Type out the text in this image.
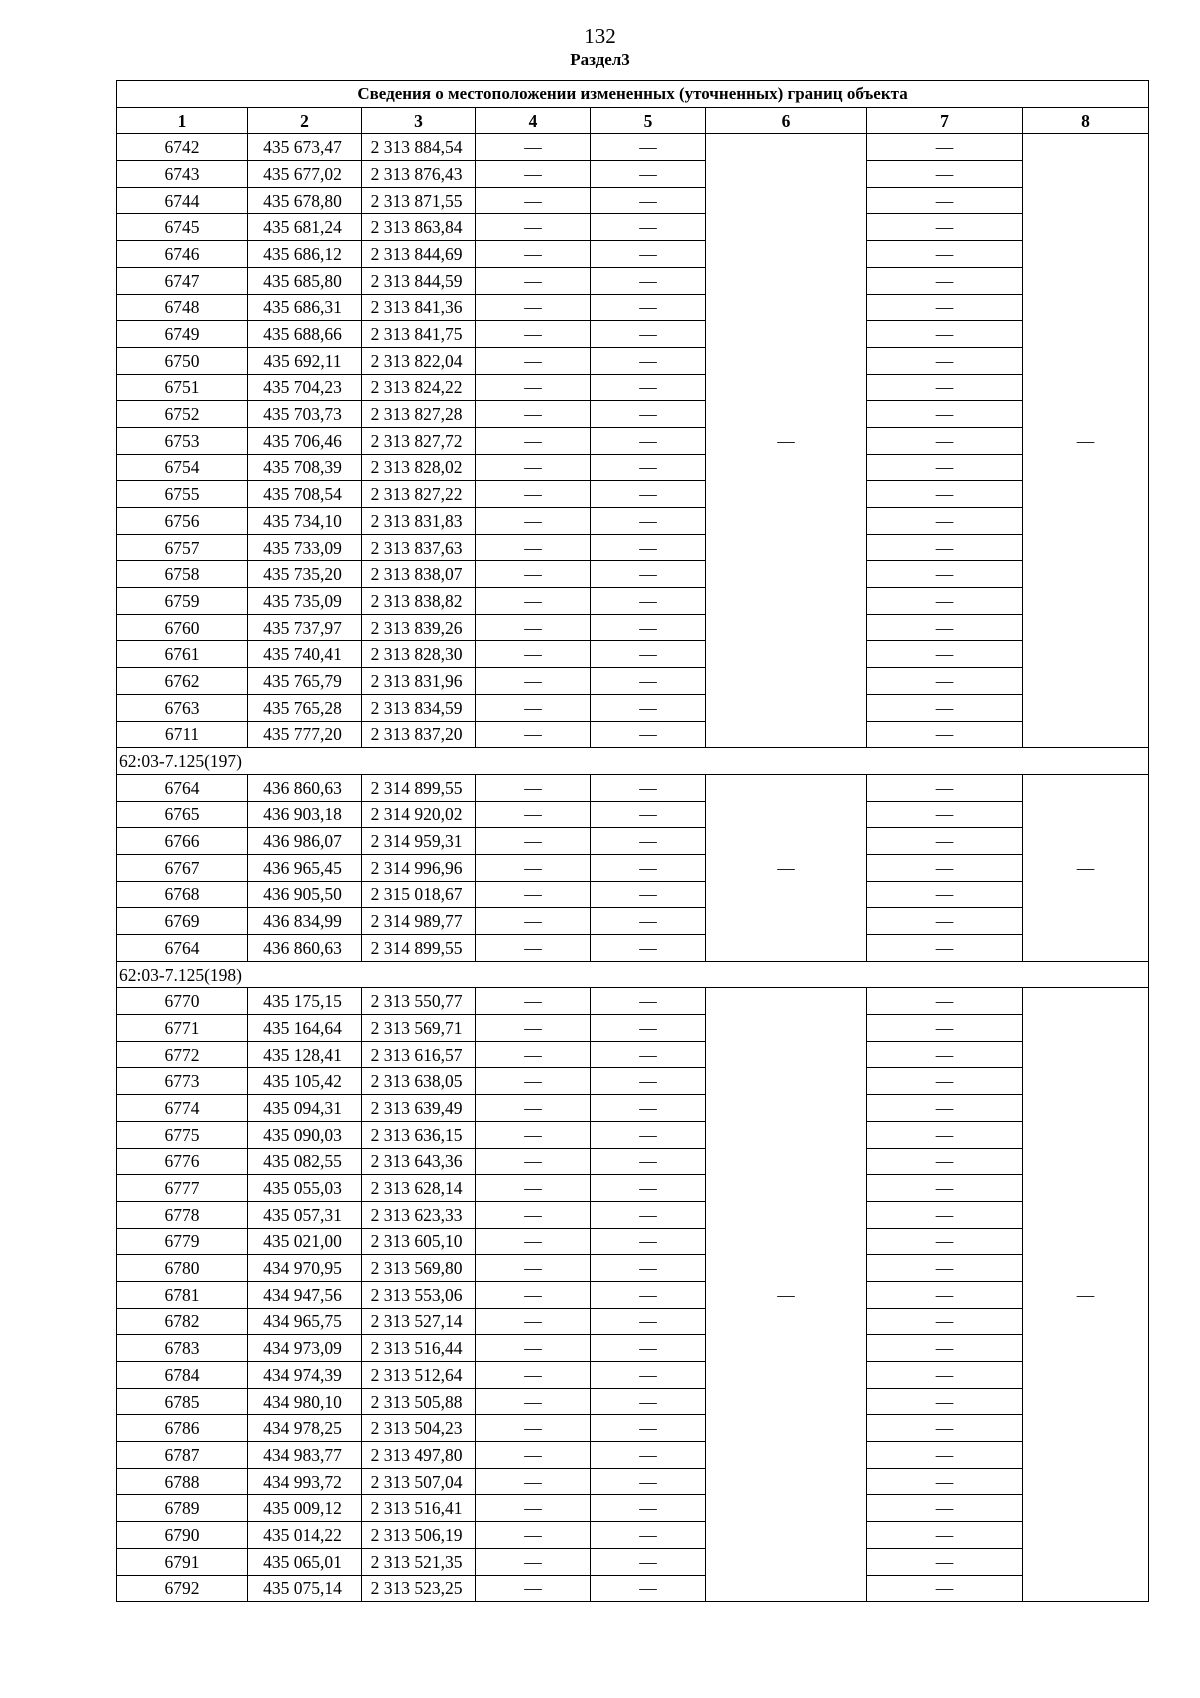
132
Раздел3
Сведения о местоположении измененных (уточненных) границ объекта							
1	2	3	4	5	6	7	8
6742	435 673,47	2 313 884,54	—	—	—	—	—
6743	435 677,02	2 313 876,43	—	—		—	
6744	435 678,80	2 313 871,55	—	—		—	
6745	435 681,24	2 313 863,84	—	—		—	
6746	435 686,12	2 313 844,69	—	—		—	
6747	435 685,80	2 313 844,59	—	—		—	
6748	435 686,31	2 313 841,36	—	—		—	
6749	435 688,66	2 313 841,75	—	—		—	
6750	435 692,11	2 313 822,04	—	—		—	
6751	435 704,23	2 313 824,22	—	—		—	
6752	435 703,73	2 313 827,28	—	—		—	
6753	435 706,46	2 313 827,72	—	—		—	
6754	435 708,39	2 313 828,02	—	—		—	
6755	435 708,54	2 313 827,22	—	—		—	
6756	435 734,10	2 313 831,83	—	—		—	
6757	435 733,09	2 313 837,63	—	—		—	
6758	435 735,20	2 313 838,07	—	—		—	
6759	435 735,09	2 313 838,82	—	—		—	
6760	435 737,97	2 313 839,26	—	—		—	
6761	435 740,41	2 313 828,30	—	—		—	
6762	435 765,79	2 313 831,96	—	—		—	
6763	435 765,28	2 313 834,59	—	—		—	
6711	435 777,20	2 313 837,20	—	—		—	
62:03-7.125(197)							
6764	436 860,63	2 314 899,55	—	—	—	—	—
6765	436 903,18	2 314 920,02	—	—		—	
6766	436 986,07	2 314 959,31	—	—		—	
6767	436 965,45	2 314 996,96	—	—		—	
6768	436 905,50	2 315 018,67	—	—		—	
6769	436 834,99	2 314 989,77	—	—		—	
6764	436 860,63	2 314 899,55	—	—		—	
62:03-7.125(198)							
6770	435 175,15	2 313 550,77	—	—	—	—	—
6771	435 164,64	2 313 569,71	—	—		—	
6772	435 128,41	2 313 616,57	—	—		—	
6773	435 105,42	2 313 638,05	—	—		—	
6774	435 094,31	2 313 639,49	—	—		—	
6775	435 090,03	2 313 636,15	—	—		—	
6776	435 082,55	2 313 643,36	—	—		—	
6777	435 055,03	2 313 628,14	—	—		—	
6778	435 057,31	2 313 623,33	—	—		—	
6779	435 021,00	2 313 605,10	—	—		—	
6780	434 970,95	2 313 569,80	—	—		—	
6781	434 947,56	2 313 553,06	—	—		—	
6782	434 965,75	2 313 527,14	—	—		—	
6783	434 973,09	2 313 516,44	—	—		—	
6784	434 974,39	2 313 512,64	—	—		—	
6785	434 980,10	2 313 505,88	—	—		—	
6786	434 978,25	2 313 504,23	—	—		—	
6787	434 983,77	2 313 497,80	—	—		—	
6788	434 993,72	2 313 507,04	—	—		—	
6789	435 009,12	2 313 516,41	—	—		—	
6790	435 014,22	2 313 506,19	—	—		—	
6791	435 065,01	2 313 521,35	—	—		—	
6792	435 075,14	2 313 523,25	—	—		—	
